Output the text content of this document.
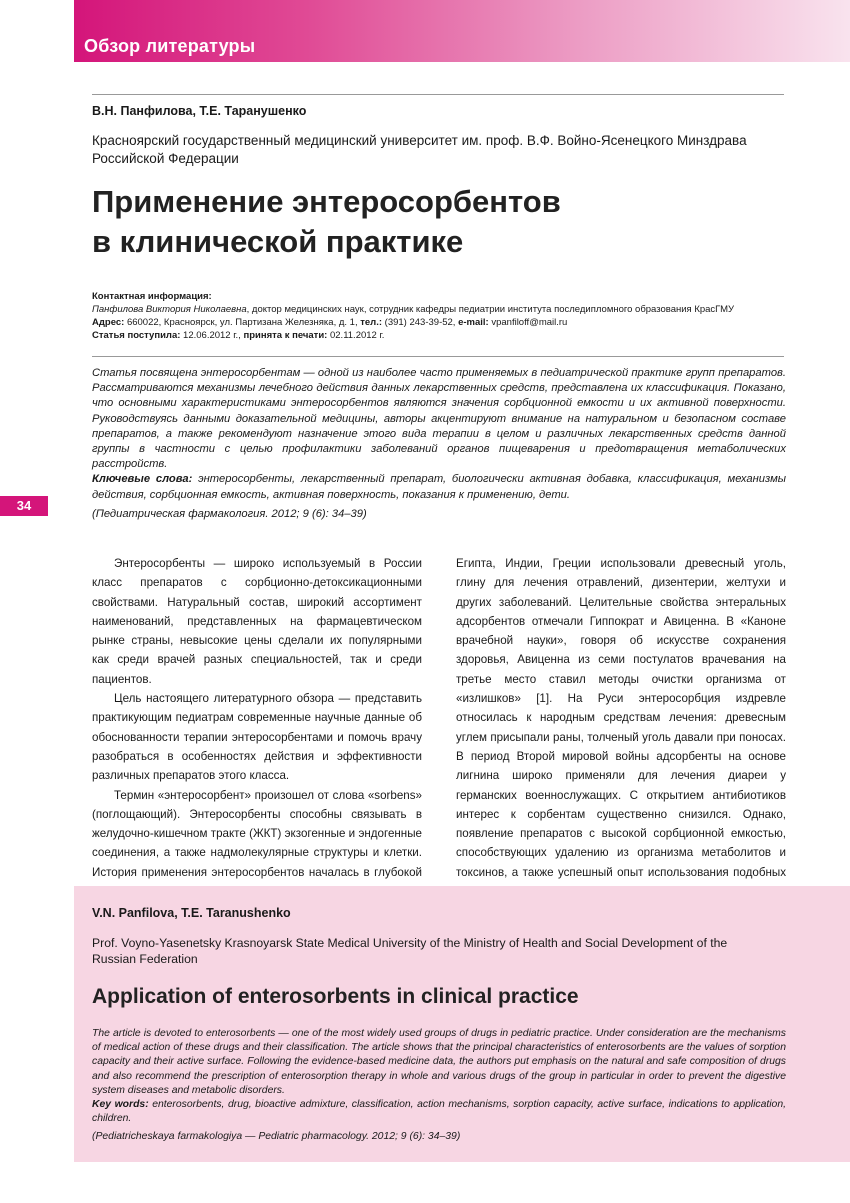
Обзор литературы
В.Н. Панфилова, Т.Е. Таранушенко
Красноярский государственный медицинский университет им. проф. В.Ф. Войно-Ясенецкого Минздрава Российской Федерации
Применение энтеросорбентов
в клинической практике
Контактная информация:
Панфилова Виктория Николаевна, доктор медицинских наук, сотрудник кафедры педиатрии института последипломного образования КрасГМУ
Адрес: 660022, Красноярск, ул. Партизана Железняка, д. 1, тел.: (391) 243-39-52, e-mail: vpanfiloff@mail.ru
Статья поступила: 12.06.2012 г., принята к печати: 02.11.2012 г.
Статья посвящена энтеросорбентам — одной из наиболее часто применяемых в педиатрической практике групп препаратов. Рассматриваются механизмы лечебного действия данных лекарственных средств, представлена их классификация. Показано, что основными характеристиками энтеросорбентов являются значения сорбционной емкости и их активной поверхности. Руководствуясь данными доказательной медицины, авторы акцентируют внимание на натуральном и безопасном составе препаратов, а также рекомендуют назначение этого вида терапии в целом и различных лекарственных средств данной группы в частности с целью профилактики заболеваний органов пищеварения и предотвращения метаболических расстройств.
Ключевые слова: энтеросорбенты, лекарственный препарат, биологически активная добавка, классификация, механизмы действия, сорбционная емкость, активная поверхность, показания к применению, дети.
(Педиатрическая фармакология. 2012; 9 (6): 34–39)
34

Энтеросорбенты — широко используемый в России класс препаратов с сорбционно-детоксикационными свойствами. Натуральный состав, широкий ассортимент наименований, представленных на фармацевтическом рынке страны, невысокие цены сделали их популярными как среди врачей разных специальностей, так и среди пациентов.

Цель настоящего литературного обзора — представить практикующим педиатрам современные научные данные об обоснованности терапии энтеросорбентами и помочь врачу разобраться в особенностях действия и эффективности различных препаратов этого класса.

Термин «энтеросорбент» произошел от слова «sorbens» (поглощающий). Энтеросорбенты способны связывать в желудочно-кишечном тракте (ЖКТ) экзогенные и эндогенные соединения, а также надмолекулярные структуры и клетки. История применения энтеросорбентов началась в глубокой

Египта, Индии, Греции использовали древесный уголь, глину для лечения отравлений, дизентерии, желтухи и других заболеваний. Целительные свойства энтеральных адсорбентов отмечали Гиппократ и Авиценна. В «Каноне врачебной науки», говоря об искусстве сохранения здоровья, Авиценна из семи постулатов врачевания на третье место ставил методы очистки организма от «излишков» [1]. На Руси энтеросорбция издревле относилась к народным средствам лечения: древесным углем присыпали раны, толченый уголь давали при поносах. В период Второй мировой войны адсорбенты на основе лигнина широко применяли для лечения диареи у германских военнослужащих. С открытием антибиотиков интерес к сорбентам существенно снизился. Однако, появление препаратов с высокой сорбционной емкостью, способствующих удалению из организма метаболитов и токсинов, а также успешный опыт использования подобных

V.N. Panfilova, T.E. Taranushenko
Prof. Voyno-Yasenetsky Krasnoyarsk State Medical University of the Ministry of Health and Social Development of the Russian Federation
Application of enterosorbents in clinical practice
The article is devoted to enterosorbents — one of the most widely used groups of drugs in pediatric practice. Under consideration are the mechanisms of medical action of these drugs and their classification. The article shows that the principal characteristics of enterosorbents are the values of sorption capacity and their active surface. Following the evidence-based medicine data, the authors put emphasis on the natural and safe composition of drugs and also recommend the prescription of enterosorption therapy in whole and various drugs of the group in particular in order to prevent the digestive system diseases and metabolic disorders.
Key words: enterosorbents, drug, bioactive admixture, classification, action mechanisms, sorption capacity, active surface, indications to application, children.
(Pediatricheskaya farmakologiya — Pediatric pharmacology. 2012; 9 (6): 34–39)
